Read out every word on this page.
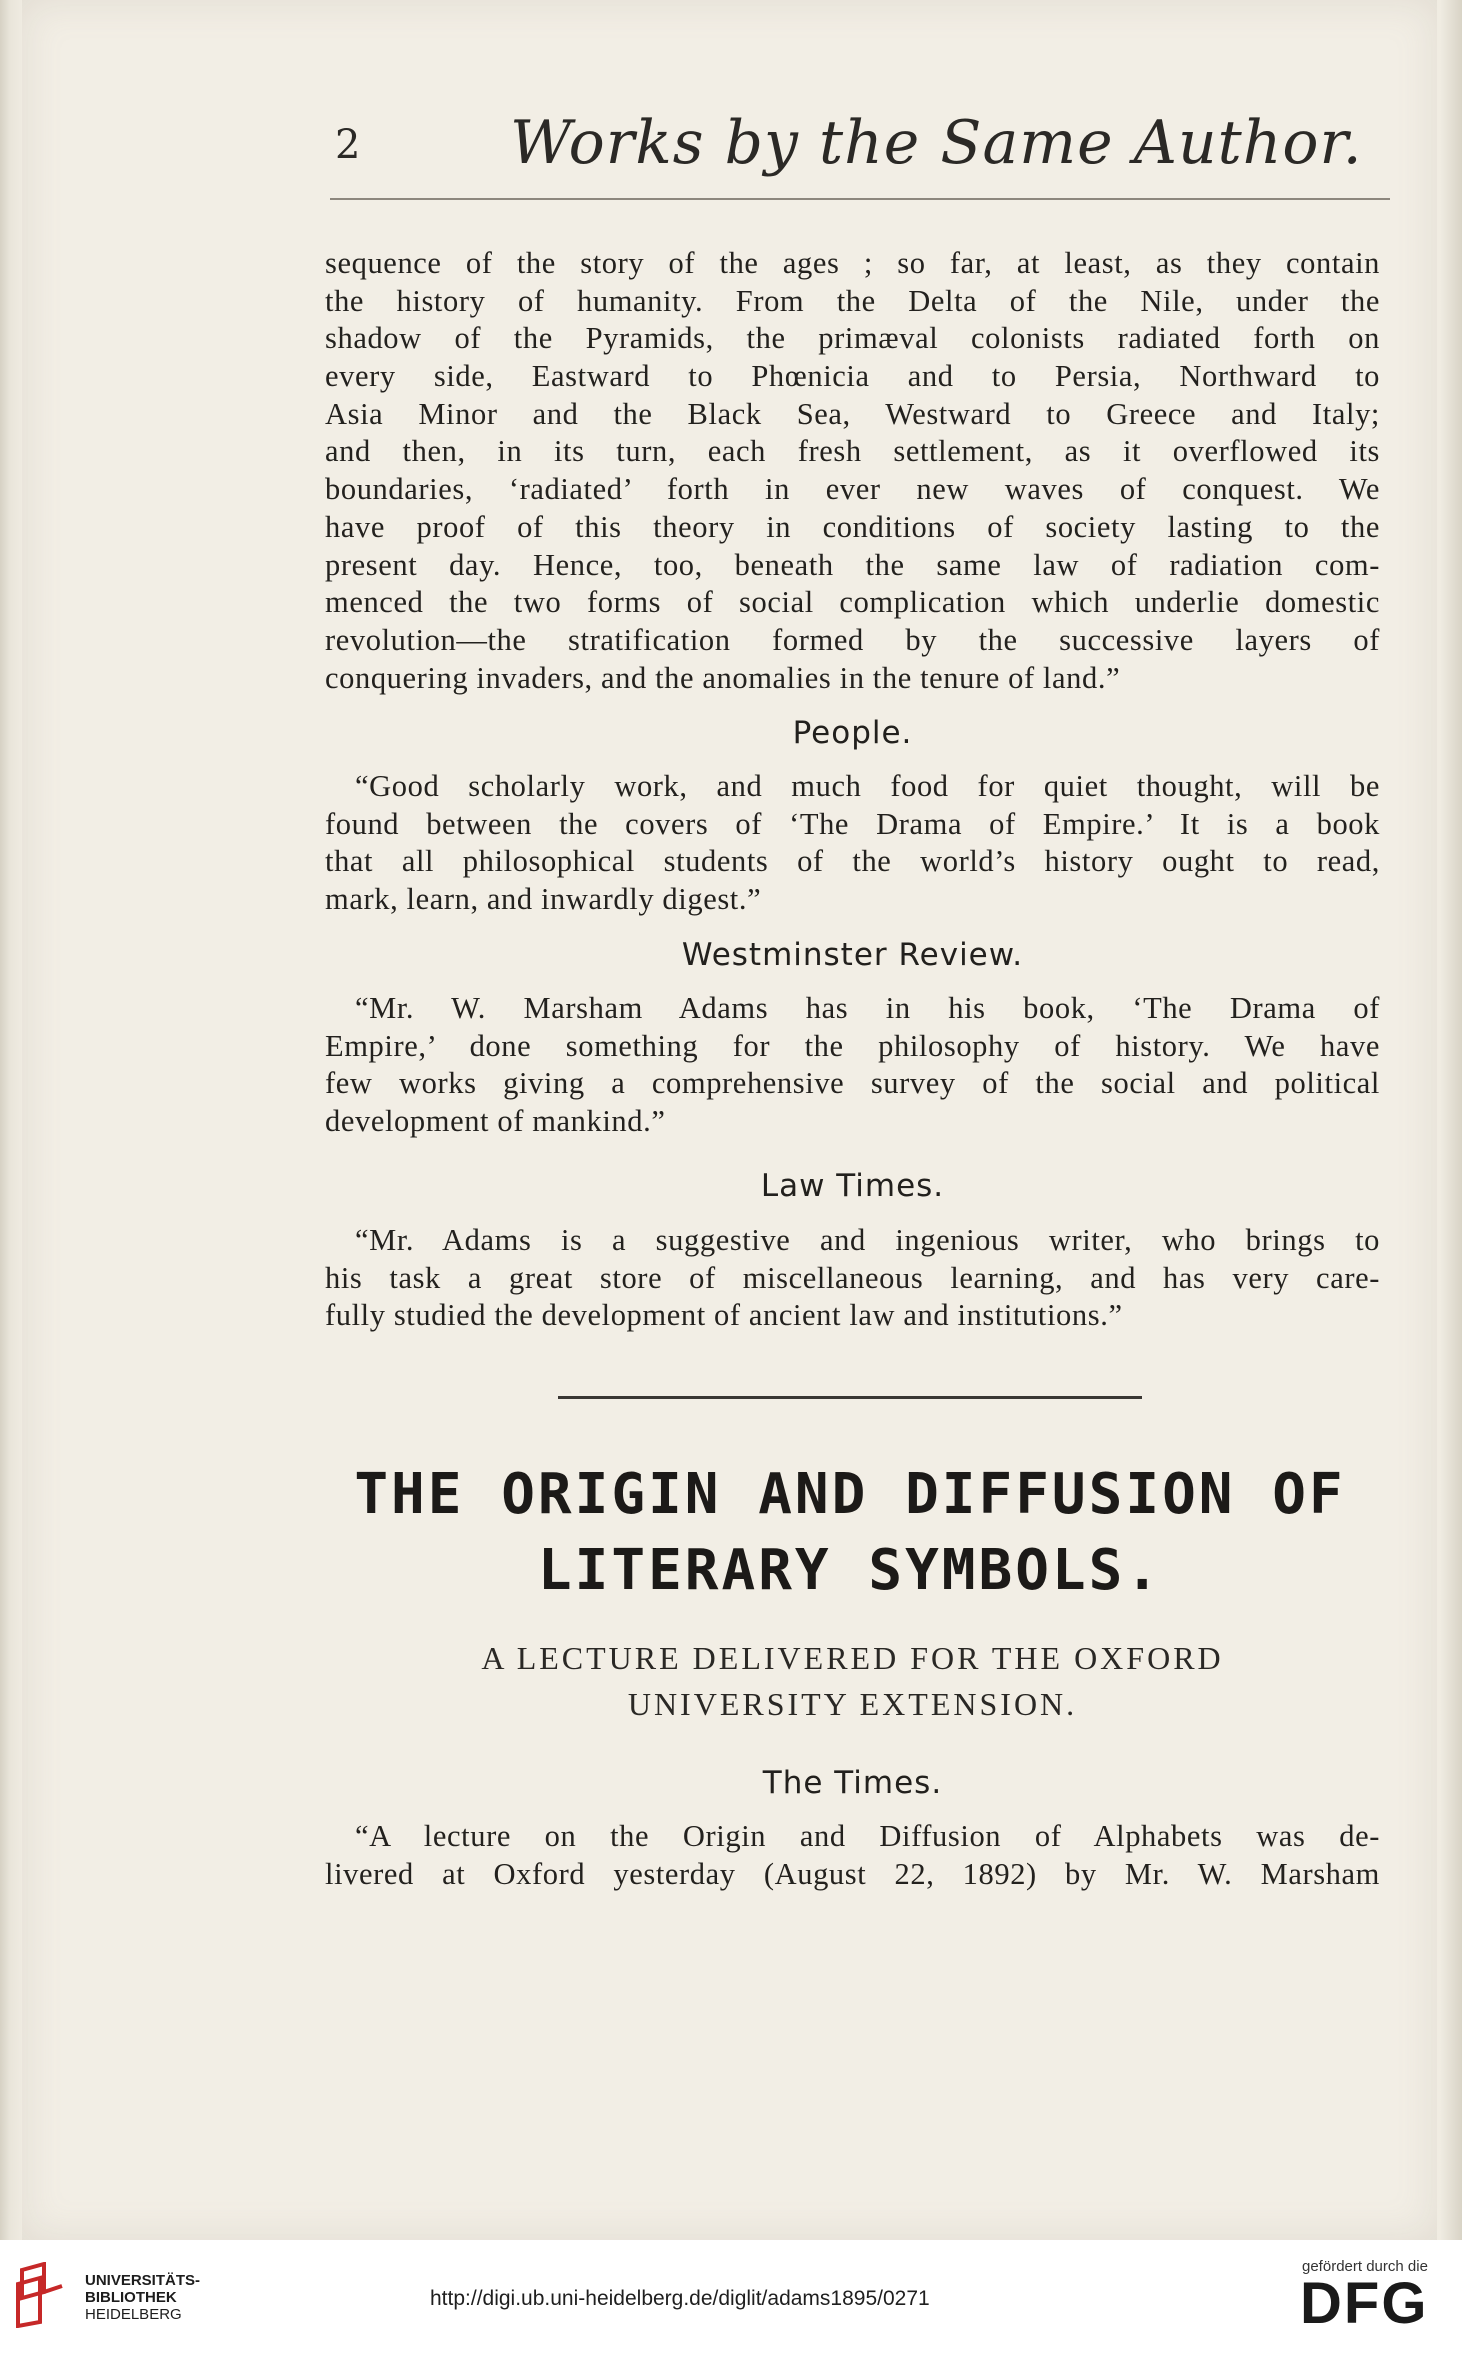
2 Works by the Same Author.
sequence of the story of the ages ; so far, at least, as they contain
the history of humanity. From the Delta of the Nile, under the
shadow of the Pyramids, the primæval colonists radiated forth on
every side, Eastward to Phœnicia and to Persia, Northward to
Asia Minor and the Black Sea, Westward to Greece and Italy;
and then, in its turn, each fresh settlement, as it overflowed its
boundaries, ‘radiated’ forth in ever new waves of conquest. We
have proof of this theory in conditions of society lasting to the
present day. Hence, too, beneath the same law of radiation com-
menced the two forms of social complication which underlie domestic
revolution—the stratification formed by the successive layers of
conquering invaders, and the anomalies in the tenure of land.”
People.
“Good scholarly work, and much food for quiet thought, will be
found between the covers of ‘The Drama of Empire.’ It is a book
that all philosophical students of the world’s history ought to read,
mark, learn, and inwardly digest.”
Westminster Review.
“Mr. W. Marsham Adams has in his book, ‘The Drama of
Empire,’ done something for the philosophy of history. We have
few works giving a comprehensive survey of the social and political
development of mankind.”
Law Times.
“Mr. Adams is a suggestive and ingenious writer, who brings to
his task a great store of miscellaneous learning, and has very care-
fully studied the development of ancient law and institutions.”
THE ORIGIN AND DIFFUSION OF
LITERARY SYMBOLS.
A LECTURE DELIVERED FOR THE OXFORD
UNIVERSITY EXTENSION.
The Times.
“A lecture on the Origin and Diffusion of Alphabets was de-
livered at Oxford yesterday (August 22, 1892) by Mr. W. Marsham
UNIVERSITÄTS-
BIBLIOTHEK
HEIDELBERG
http://digi.ub.uni-heidelberg.de/diglit/adams1895/0271
gefördert durch die
DFG
